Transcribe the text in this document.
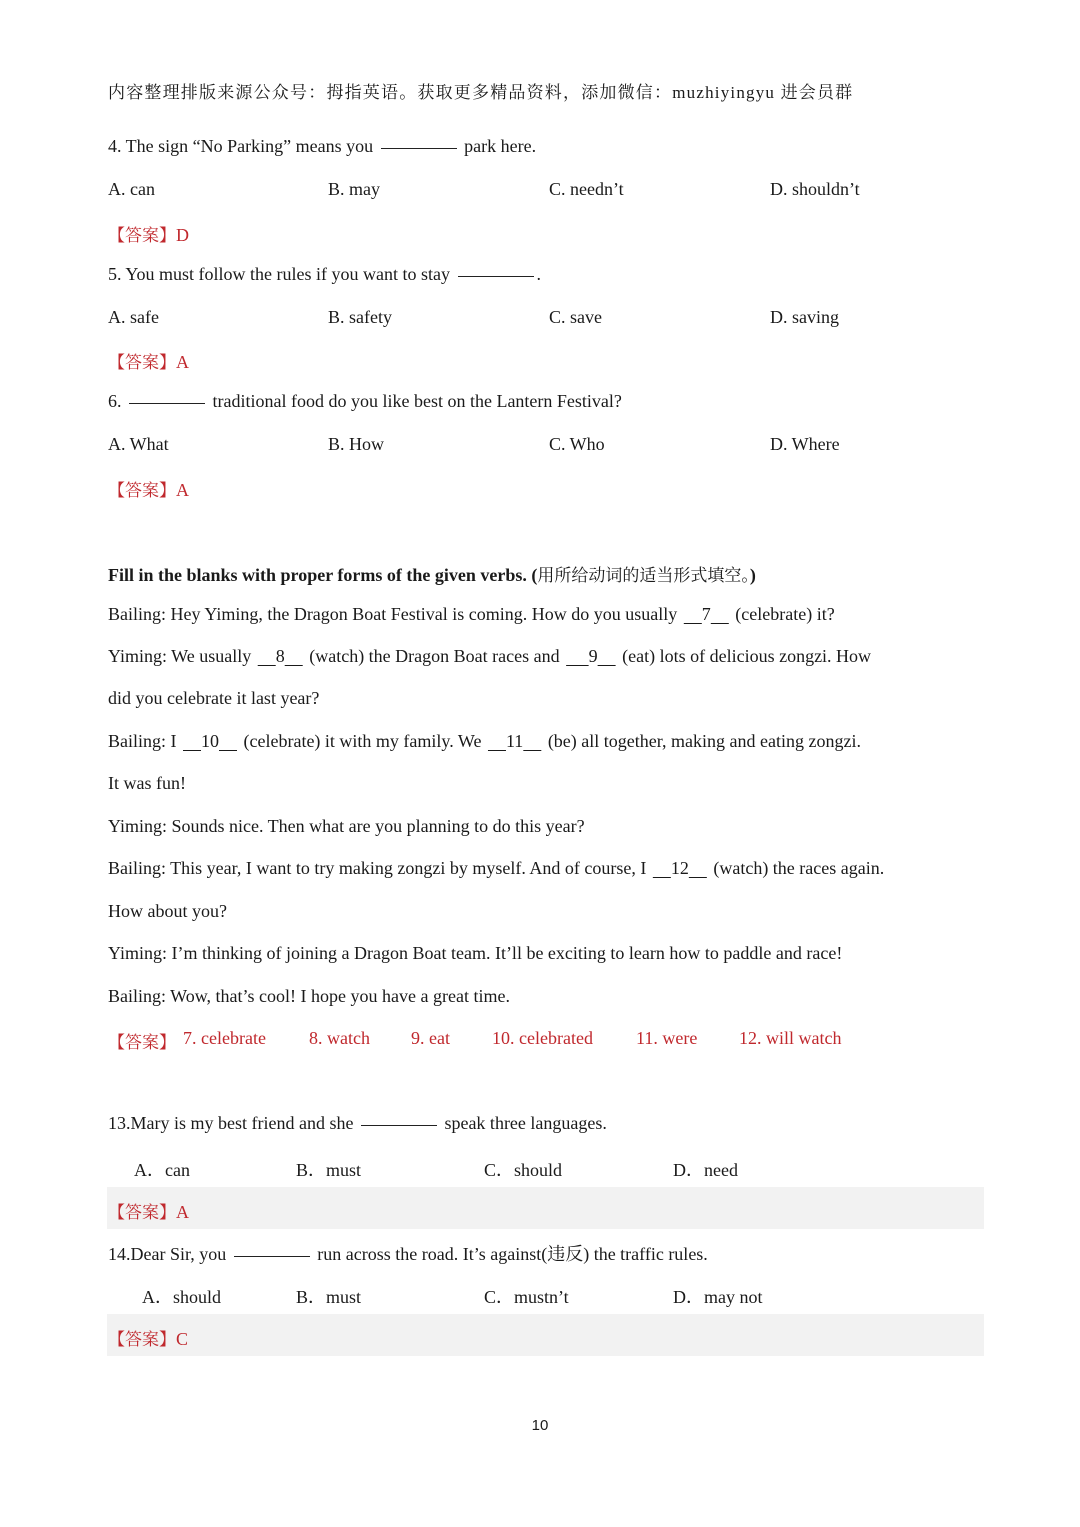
内容整理排版来源公众号：拇指英语。获取更多精品资料，添加微信：muzhiyingyu 进会员群
4. The sign “No Parking” means you	park here.
A. can	B. may	C. needn’t	D. shouldn’t
【答案】D
5. You must follow the rules if you want to stay	.
A. safe	B. safety	C. save	D. saving
【答案】A
6.	traditional food do you like best on the Lantern Festival?
A. What	B. How	C. Who	D. Where
【答案】A
Fill in the blanks with proper forms of the given verbs. (用所给动词的适当形式填空。)
Bailing: Hey Yiming, the Dragon Boat Festival is coming. How do you usually 7 (celebrate) it?
Yiming: We usually 8 (watch) the Dragon Boat races and 9 (eat) lots of delicious zongzi. How
did you celebrate it last year?
Bailing: I 10 (celebrate) it with my family. We 11 (be) all together, making and eating zongzi.
It was fun!
Yiming: Sounds nice. Then what are you planning to do this year?
Bailing: This year, I want to try making zongzi by myself. And of course, I 12 (watch) the races again.
How about you?
Yiming: I’m thinking of joining a Dragon Boat team. It’ll be exciting to learn how to paddle and race!
Bailing: Wow, that’s cool! I hope you have a great time.
【答案】 7. celebrate 8. watch 9. eat 10. celebrated 11. were 12. will watch
13.Mary is my best friend and she	speak three languages.
A．can	B．must	C．should	D．need
【答案】A
14.Dear Sir, you	run across the road. It’s against(违反) the traffic rules.
A．should	B．must	C．mustn’t	D．may not
【答案】C
10
